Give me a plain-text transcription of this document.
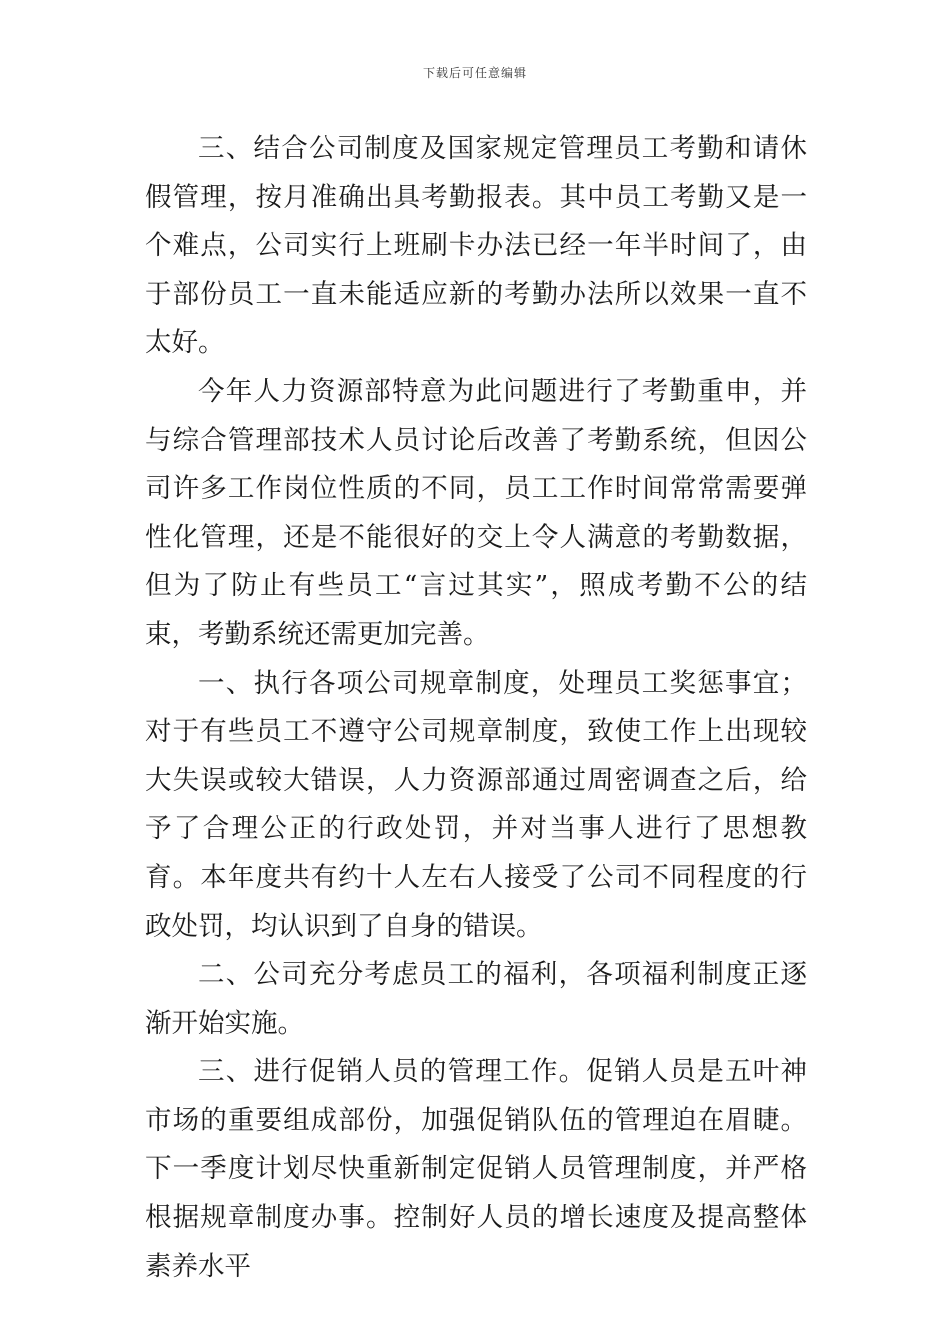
下载后可任意编辑

三、结合公司制度及国家规定管理员工考勤和请休假管理，按月准确出具考勤报表。其中员工考勤又是一个难点，公司实行上班刷卡办法已经一年半时间了，由于部份员工一直未能适应新的考勤办法所以效果一直不太好。

今年人力资源部特意为此问题进行了考勤重申，并与综合管理部技术人员讨论后改善了考勤系统，但因公司许多工作岗位性质的不同，员工工作时间常常需要弹性化管理，还是不能很好的交上令人满意的考勤数据，但为了防止有些员工“言过其实”，照成考勤不公的结束，考勤系统还需更加完善。

一、执行各项公司规章制度，处理员工奖惩事宜；对于有些员工不遵守公司规章制度，致使工作上出现较大失误或较大错误，人力资源部通过周密调查之后，给予了合理公正的行政处罚，并对当事人进行了思想教育。本年度共有约十人左右人接受了公司不同程度的行政处罚，均认识到了自身的错误。

二、公司充分考虑员工的福利，各项福利制度正逐渐开始实施。

三、进行促销人员的管理工作。促销人员是五叶神市场的重要组成部份，加强促销队伍的管理迫在眉睫。下一季度计划尽快重新制定促销人员管理制度，并严格根据规章制度办事。控制好人员的增长速度及提高整体素养水平
